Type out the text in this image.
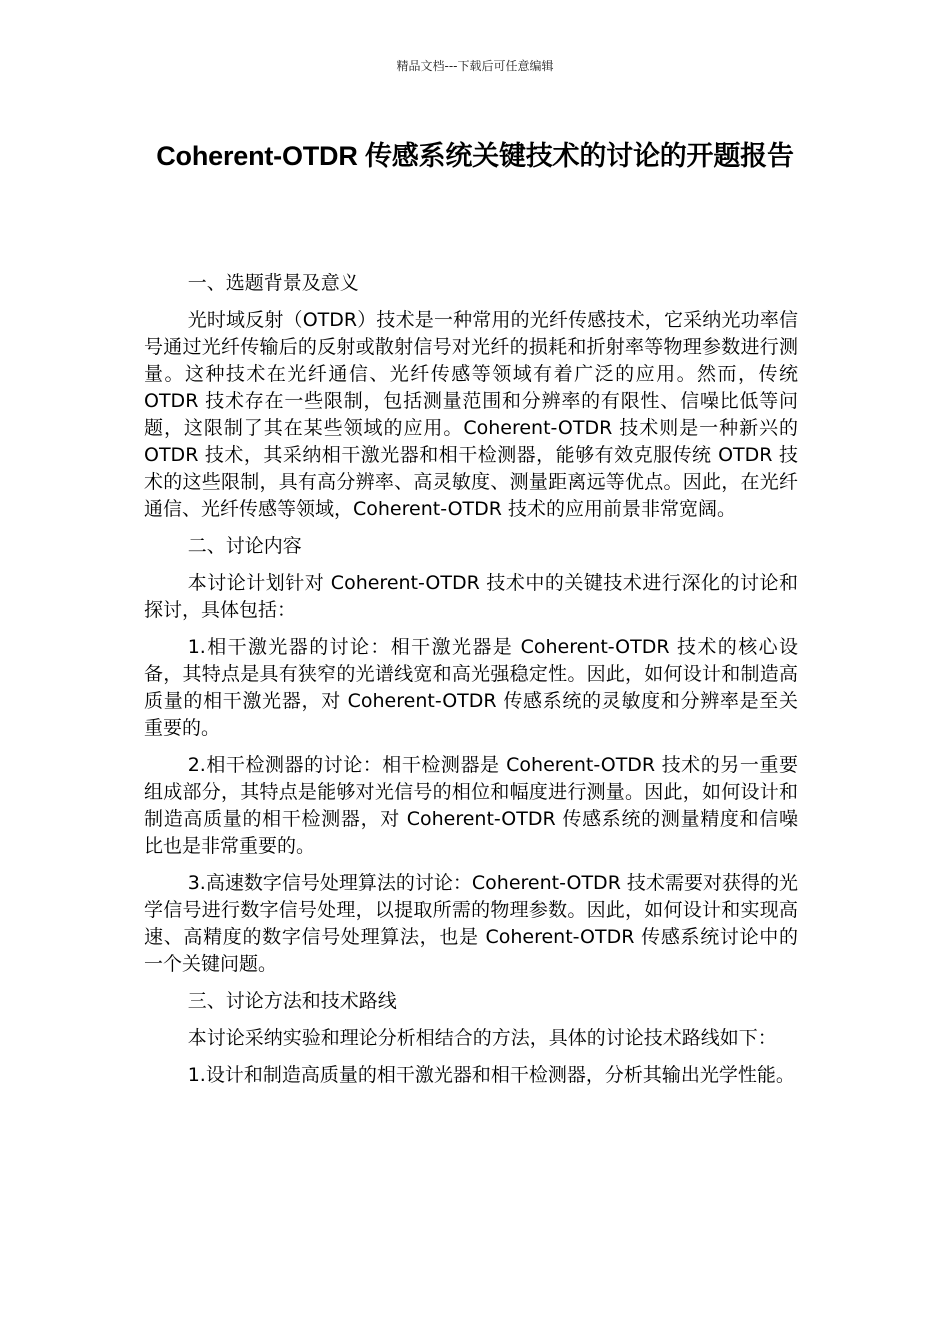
精品文档---下载后可任意编辑
Coherent-OTDR 传感系统关键技术的讨论的开题报告

一、选题背景及意义

光时域反射（OTDR）技术是一种常用的光纤传感技术，它采纳光功率信号通过光纤传输后的反射或散射信号对光纤的损耗和折射率等物理参数进行测量。这种技术在光纤通信、光纤传感等领域有着广泛的应用。然而，传统 OTDR 技术存在一些限制，包括测量范围和分辨率的有限性、信噪比低等问题，这限制了其在某些领域的应用。Coherent-OTDR 技术则是一种新兴的 OTDR 技术，其采纳相干激光器和相干检测器，能够有效克服传统 OTDR 技术的这些限制，具有高分辨率、高灵敏度、测量距离远等优点。因此，在光纤通信、光纤传感等领域，Coherent-OTDR 技术的应用前景非常宽阔。

二、讨论内容

本讨论计划针对 Coherent-OTDR 技术中的关键技术进行深化的讨论和探讨，具体包括：

1.相干激光器的讨论：相干激光器是 Coherent-OTDR 技术的核心设备，其特点是具有狭窄的光谱线宽和高光强稳定性。因此，如何设计和制造高质量的相干激光器，对 Coherent-OTDR 传感系统的灵敏度和分辨率是至关重要的。

2.相干检测器的讨论：相干检测器是 Coherent-OTDR 技术的另一重要组成部分，其特点是能够对光信号的相位和幅度进行测量。因此，如何设计和制造高质量的相干检测器，对 Coherent-OTDR 传感系统的测量精度和信噪比也是非常重要的。

3.高速数字信号处理算法的讨论：Coherent-OTDR 技术需要对获得的光学信号进行数字信号处理，以提取所需的物理参数。因此，如何设计和实现高速、高精度的数字信号处理算法，也是 Coherent-OTDR 传感系统讨论中的一个关键问题。

三、讨论方法和技术路线

本讨论采纳实验和理论分析相结合的方法，具体的讨论技术路线如下：

1.设计和制造高质量的相干激光器和相干检测器，分析其输出光学性能。
